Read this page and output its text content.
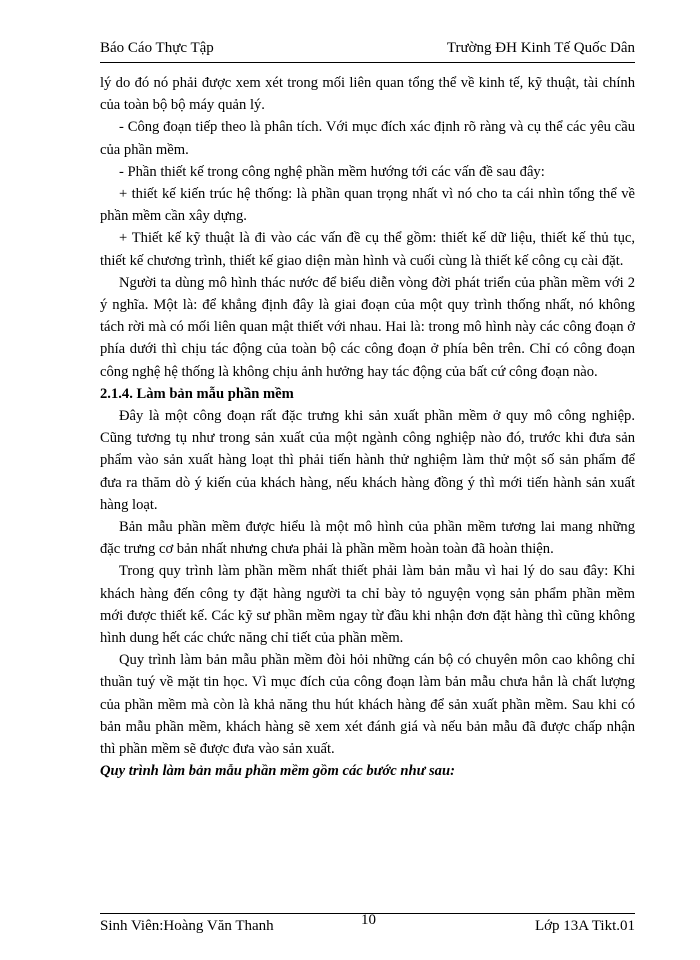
Báo Cáo Thực Tập	Trường ĐH Kinh Tế Quốc Dân

lý do đó nó phải được xem xét trong mối liên quan tổng thể về kinh tế, kỹ thuật, tài chính của toàn bộ bộ máy quản lý.

- Công đoạn tiếp theo là phân tích. Với mục đích xác định rõ ràng và cụ thể các yêu cầu của phần mềm.

- Phần thiết kế trong công nghệ phần mềm hướng tới các vấn đề sau đây:

+ thiết kế kiến trúc hệ thống: là phần quan trọng nhất vì nó cho ta cái nhìn tổng thể về phần mềm cần xây dựng.

+ Thiết kế kỹ thuật là đi vào các vấn đề cụ thể gồm: thiết kế dữ liệu, thiết kế thủ tục, thiết kế chương trình, thiết kế giao diện màn hình và cuối cùng là thiết kế công cụ cài đặt.

Người ta dùng mô hình thác nước để biểu diễn vòng đời phát triển của phần mềm với 2 ý nghĩa. Một là: để khẳng định đây là giai đoạn của một quy trình thống nhất, nó không tách rời mà có mối liên quan mật thiết với nhau. Hai là: trong mô hình này các công đoạn ở phía dưới thì chịu tác động của toàn bộ các công đoạn ở phía bên trên. Chỉ có công đoạn công nghệ hệ thống là không chịu ảnh hưởng hay tác động của bất cứ công đoạn nào.

2.1.4. Làm bản mẫu phần mềm

Đây là một công đoạn rất đặc trưng khi sản xuất phần mềm ở quy mô công nghiệp. Cũng tương tụ như trong sản xuất của một ngành công nghiệp nào đó, trước khi đưa sản phẩm vào sản xuất hàng loạt thì phải tiến hành thử nghiệm làm thử một số sản phẩm để đưa ra thăm dò ý kiến của khách hàng, nếu khách hàng đồng ý thì mới tiến hành sản xuất hàng loạt.

Bản mẫu phần mềm được hiểu là một mô hình của phần mềm tương lai mang những đặc trưng cơ bản nhất nhưng chưa phải là phần mềm hoàn toàn đã hoàn thiện.

Trong quy trình làm phần mềm nhất thiết phải làm bản mẫu vì hai lý do sau đây: Khi khách hàng đến công ty đặt hàng người ta chỉ bày tỏ nguyện vọng sản phẩm phần mềm mới được thiết kế. Các kỹ sư phần mềm ngay từ đầu khi nhận đơn đặt hàng thì cũng không hình dung hết các chức năng chỉ tiết của phần mềm.

Quy trình làm bản mẫu phần mềm đòi hỏi những cán bộ có chuyên môn cao không chỉ thuần tuý về mặt tin học. Vì mục đích của công đoạn làm bản mẫu chưa hẳn là chất lượng của phần mềm mà còn là khả năng thu hút khách hàng để sản xuất phần mềm. Sau khi có bản mẫu phần mềm, khách hàng sẽ xem xét đánh giá và nếu bản mẫu đã được chấp nhận thì phần mềm sẽ được đưa vào sản xuất.

Quy trình làm bản mẫu phần mềm gồm các bước như sau:

Sinh Viên:Hoàng Văn Thanh	10	Lớp 13A Tikt.01
